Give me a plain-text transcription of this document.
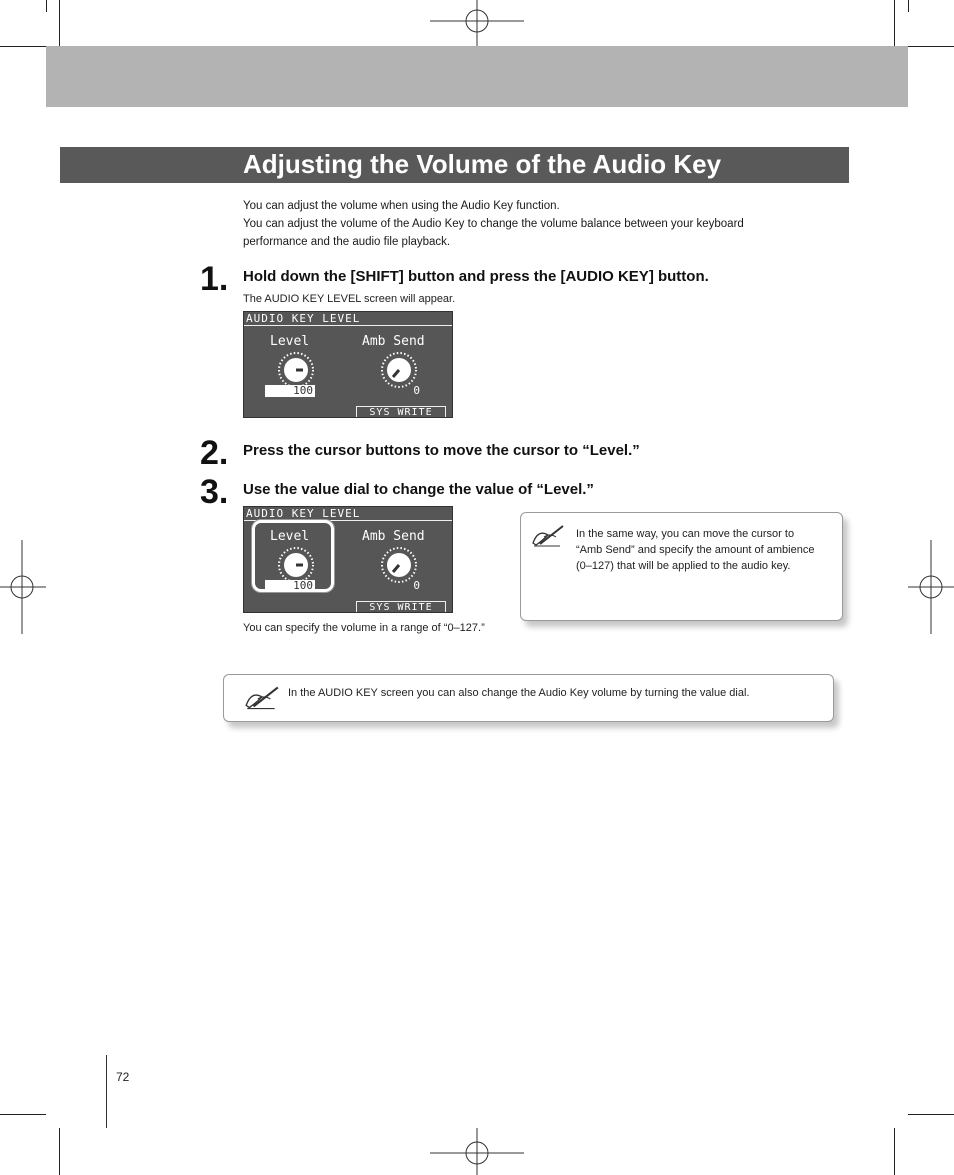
Adjusting the Volume of the Audio Key
You can adjust the volume when using the Audio Key function.
You can adjust the volume of the Audio Key to change the volume balance between your keyboard
performance and the audio file playback.
1. Hold down the [SHIFT] button and press the [AUDIO KEY] button.
The AUDIO KEY LEVEL screen will appear.
AUDIO KEY LEVEL
Level	Amb Send
100	0
SYS WRITE
2. Press the cursor buttons to move the cursor to “Level.”
3. Use the value dial to change the value of “Level.”
AUDIO KEY LEVEL
Level	Amb Send
100	0
SYS WRITE
You can specify the volume in a range of “0–127.”
In the same way, you can move the cursor to
“Amb Send” and specify the amount of ambience
(0–127) that will be applied to the audio key.
In the AUDIO KEY screen you can also change the Audio Key volume by turning the value dial.
72
